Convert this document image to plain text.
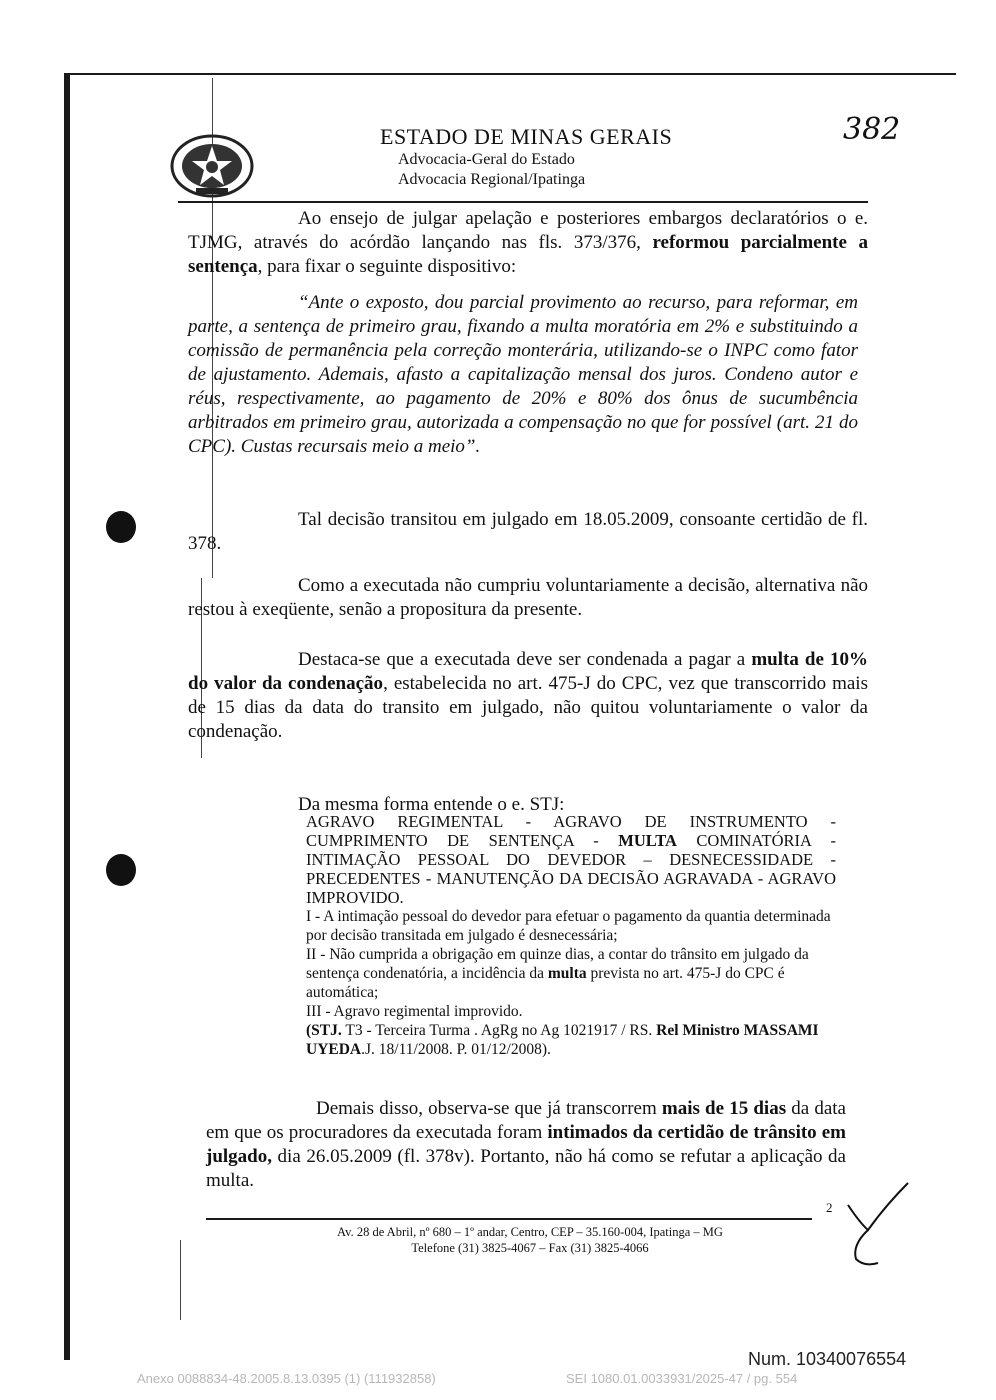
ESTADO DE MINAS GERAIS
Advocacia-Geral do Estado
Advocacia Regional/Ipatinga
382
Ao ensejo de julgar apelação e posteriores embargos declaratórios o e. TJMG, através do acórdão lançando nas fls. 373/376, reformou parcialmente a sentença, para fixar o seguinte dispositivo:
“Ante o exposto, dou parcial provimento ao recurso, para reformar, em parte, a sentença de primeiro grau, fixando a multa moratória em 2% e substituindo a comissão de permanência pela correção monterária, utilizando-se o INPC como fator de ajustamento. Ademais, afasto a capitalização mensal dos juros. Condeno autor e réus, respectivamente, ao pagamento de 20% e 80% dos ônus de sucumbência arbitrados em primeiro grau, autorizada a compensação no que for possível (art. 21 do CPC). Custas recursais meio a meio”.
Tal decisão transitou em julgado em 18.05.2009, consoante certidão de fl. 378.
Como a executada não cumpriu voluntariamente a decisão, alternativa não restou à exeqüente, senão a propositura da presente.
Destaca-se que a executada deve ser condenada a pagar a multa de 10% do valor da condenação, estabelecida no art. 475-J do CPC, vez que transcorrido mais de 15 dias da data do transito em julgado, não quitou voluntariamente o valor da condenação.
Da mesma forma entende o e. STJ:
AGRAVO REGIMENTAL - AGRAVO DE INSTRUMENTO - CUMPRIMENTO DE SENTENÇA - MULTA COMINATÓRIA - INTIMAÇÃO PESSOAL DO DEVEDOR – DESNECESSIDADE - PRECEDENTES - MANUTENÇÃO DA DECISÃO AGRAVADA - AGRAVO IMPROVIDO.
I - A intimação pessoal do devedor para efetuar o pagamento da quantia determinada por decisão transitada em julgado é desnecessária;
II - Não cumprida a obrigação em quinze dias, a contar do trânsito em julgado da sentença condenatória, a incidência da multa prevista no art. 475-J do CPC é automática;
III - Agravo regimental improvido.
(STJ. T3 - Terceira Turma . AgRg no Ag 1021917 / RS. Rel Ministro MASSAMI UYEDA.J. 18/11/2008. P. 01/12/2008).
Demais disso, observa-se que já transcorrem mais de 15 dias da data em que os procuradores da executada foram intimados da certidão de trânsito em julgado, dia 26.05.2009 (fl. 378v). Portanto, não há como se refutar a aplicação da multa.
2
Av. 28 de Abril, nº 680 – 1º andar, Centro, CEP – 35.160-004, Ipatinga – MG
Telefone (31) 3825-4067 – Fax (31) 3825-4066
Num. 10340076554
Anexo 0088834-48.2005.8.13.0395 (1) (111932858)	SEI 1080.01.0033931/2025-47 / pg. 554
